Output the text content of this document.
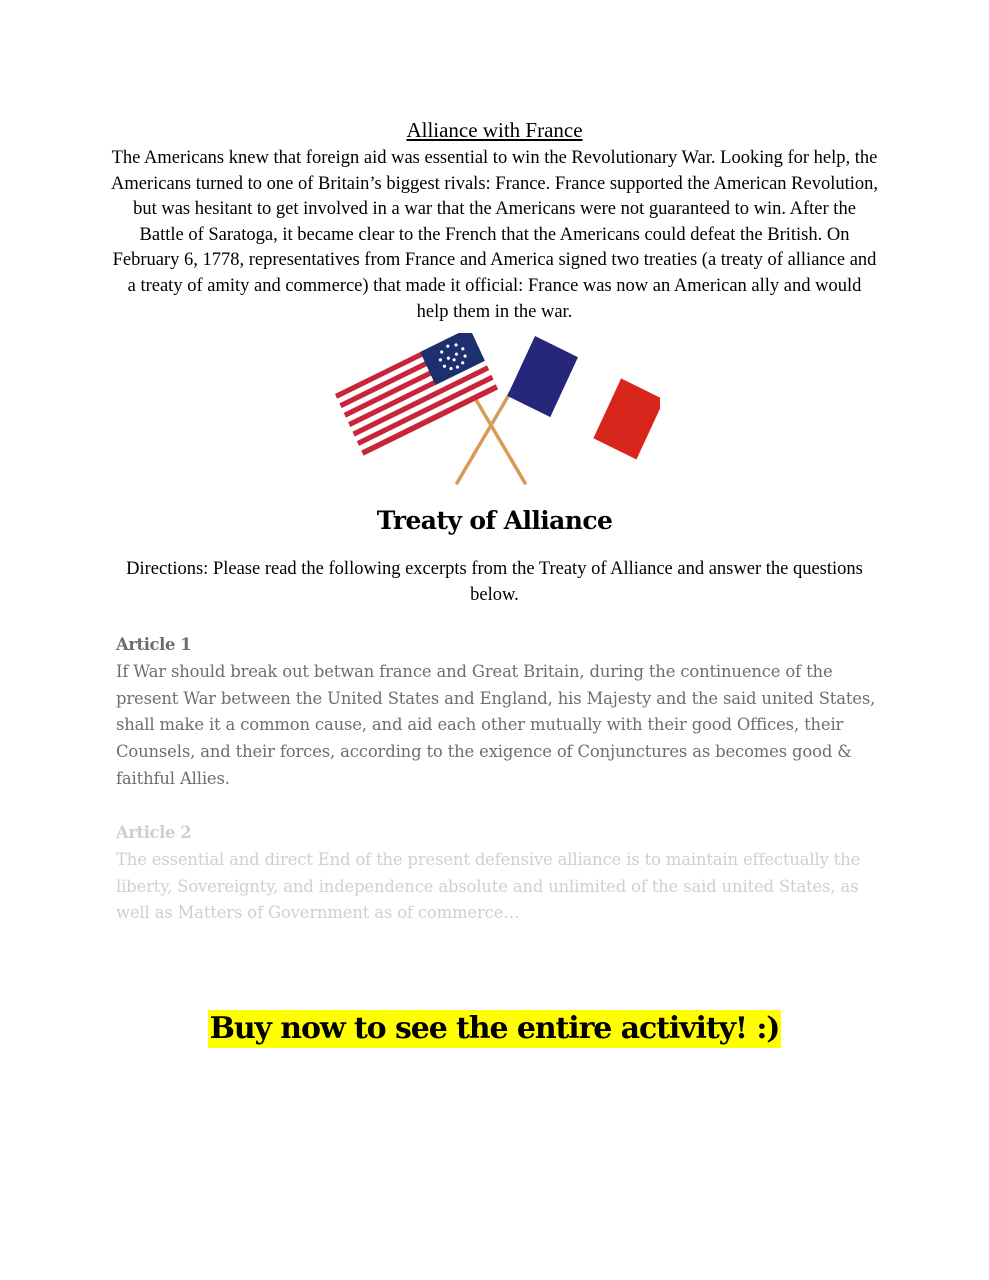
Alliance with France
The Americans knew that foreign aid was essential to win the Revolutionary War. Looking for help, the Americans turned to one of Britain’s biggest rivals: France. France supported the American Revolution, but was hesitant to get involved in a war that the Americans were not guaranteed to win. After the Battle of Saratoga, it became clear to the French that the Americans could defeat the British. On February 6, 1778, representatives from France and America signed two treaties (a treaty of alliance and a treaty of amity and commerce) that made it official: France was now an American ally and would help them in the war.
Treaty of Alliance
Directions: Please read the following excerpts from the Treaty of Alliance and answer the questions below.
Article 1
If War should break out betwan france and Great Britain, during the continuence of the present War between the United States and England, his Majesty and the said united States, shall make it a common cause, and aid each other mutually with their good Offices, their Counsels, and their forces, according to the exigence of Conjunctures as becomes good & faithful Allies.
Article 2
The essential and direct End of the present defensive alliance is to maintain effectually the liberty, Sovereignty, and independence absolute and unlimited of the said united States, as well as Matters of Government as of commerce…
Buy now to see the entire activity! :)
